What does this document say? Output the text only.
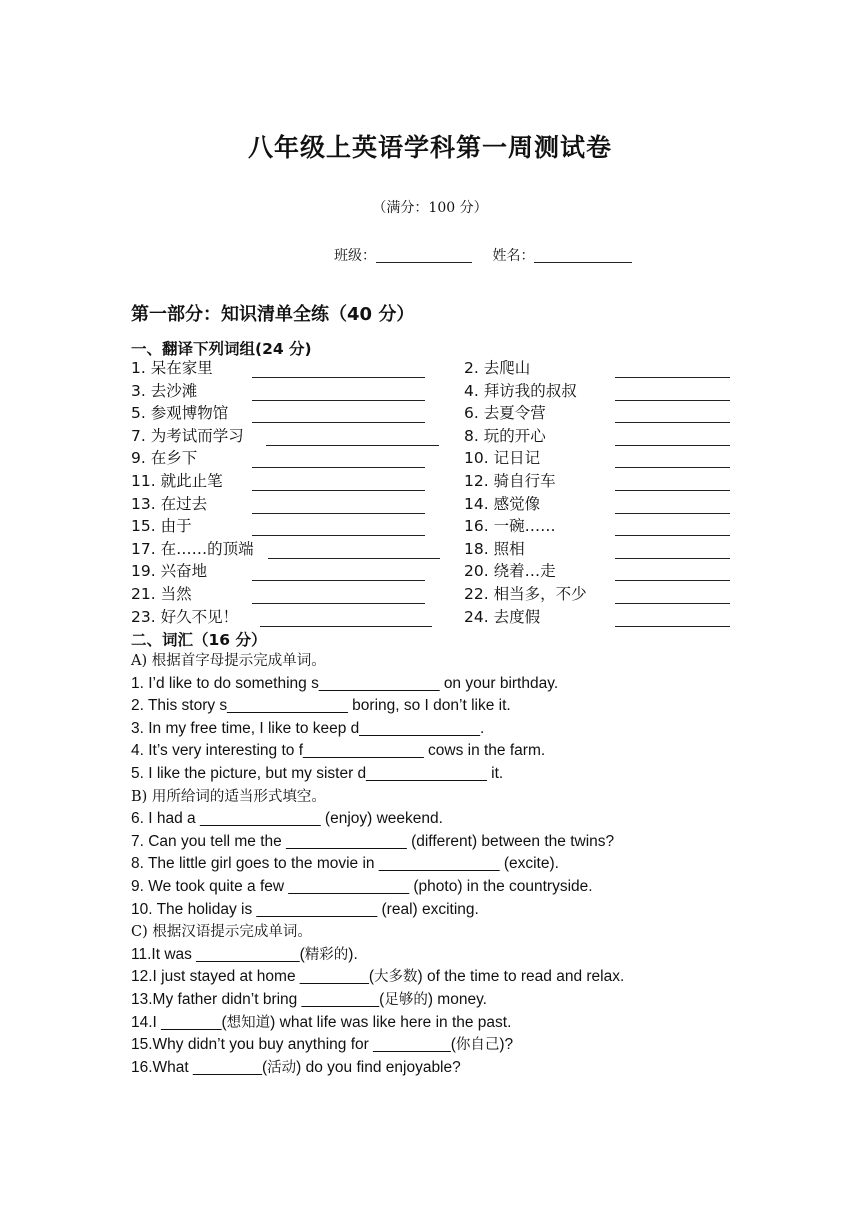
八年级上英语学科第一周测试卷
（满分：100 分）
班级：	姓名：
第一部分：知识清单全练（40 分）
一、翻译下列词组(24 分)
1. 呆在家里
3. 去沙滩
5. 参观博物馆
7. 为考试而学习
9. 在乡下
11. 就此止笔
13. 在过去
15. 由于
17. 在……的顶端
19. 兴奋地
21. 当然
23. 好久不见！
2. 去爬山
4. 拜访我的叔叔
6. 去夏令营
8. 玩的开心
10. 记日记
12. 骑自行车
14. 感觉像
16. 一碗……
18. 照相
20. 绕着…走
22. 相当多，不少
24. 去度假
二、词汇（16 分）
A) 根据首字母提示完成单词。
1. I’d like to do something s______________ on your birthday.
2. This story s______________ boring, so I don’t like it.
3. In my free time, I like to keep d______________.
4. It’s very interesting to f______________ cows in the farm.
5. I like the picture, but my sister d______________ it.
B) 用所给词的适当形式填空。
6. I had a ______________ (enjoy) weekend.
7. Can you tell me the ______________ (different) between the twins?
8. The little girl goes to the movie in ______________ (excite).
9. We took quite a few ______________ (photo) in the countryside.
10. The holiday is ______________ (real) exciting.
C) 根据汉语提示完成单词。
11.It was ____________(精彩的).
12.I just stayed at home ________(大多数) of the time to read and relax.
13.My father didn’t bring _________(足够的) money.
14.I _______(想知道) what life was like here in the past.
15.Why didn’t you buy anything for _________(你自己)?
16.What ________(活动) do you find enjoyable?
